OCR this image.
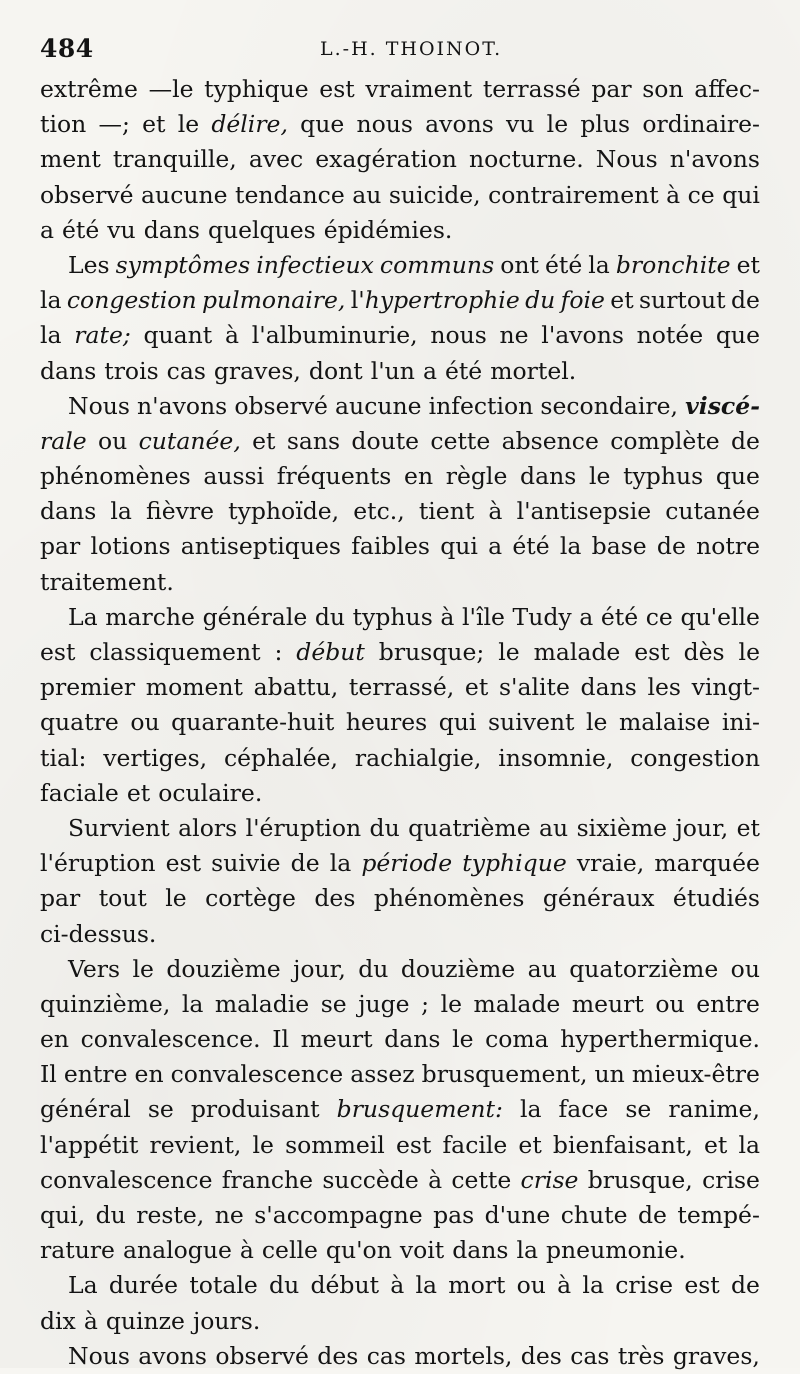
484	L.-H. THOINOT.
extrême —le typhique est vraiment terrassé par son affec-
tion —; et le délire, que nous avons vu le plus ordinaire-
ment tranquille, avec exagération nocturne. Nous n'avons
observé aucune tendance au suicide, contrairement à ce qui
a été vu dans quelques épidémies.
Les symptômes infectieux communs ont été la bronchite et
la congestion pulmonaire, l'hypertrophie du foie et surtout de
la rate; quant à l'albuminurie, nous ne l'avons notée que
dans trois cas graves, dont l'un a été mortel.
Nous n'avons observé aucune infection secondaire, viscé-
rale ou cutanée, et sans doute cette absence complète de
phénomènes aussi fréquents en règle dans le typhus que
dans la fièvre typhoïde, etc., tient à l'antisepsie cutanée
par lotions antiseptiques faibles qui a été la base de notre
traitement.
La marche générale du typhus à l'île Tudy a été ce qu'elle
est classiquement : début brusque; le malade est dès le
premier moment abattu, terrassé, et s'alite dans les vingt-
quatre ou quarante-huit heures qui suivent le malaise ini-
tial: vertiges, céphalée, rachialgie, insomnie, congestion
faciale et oculaire.
Survient alors l'éruption du quatrième au sixième jour, et
l'éruption est suivie de la période typhique vraie, marquée
par tout le cortège des phénomènes généraux étudiés
ci-dessus.
Vers le douzième jour, du douzième au quatorzième ou
quinzième, la maladie se juge ; le malade meurt ou entre
en convalescence. Il meurt dans le coma hyperthermique.
Il entre en convalescence assez brusquement, un mieux-être
général se produisant brusquement: la face se ranime,
l'appétit revient, le sommeil est facile et bienfaisant, et la
convalescence franche succède à cette crise brusque, crise
qui, du reste, ne s'accompagne pas d'une chute de tempé-
rature analogue à celle qu'on voit dans la pneumonie.
La durée totale du début à la mort ou à la crise est de
dix à quinze jours.
Nous avons observé des cas mortels, des cas très graves,
